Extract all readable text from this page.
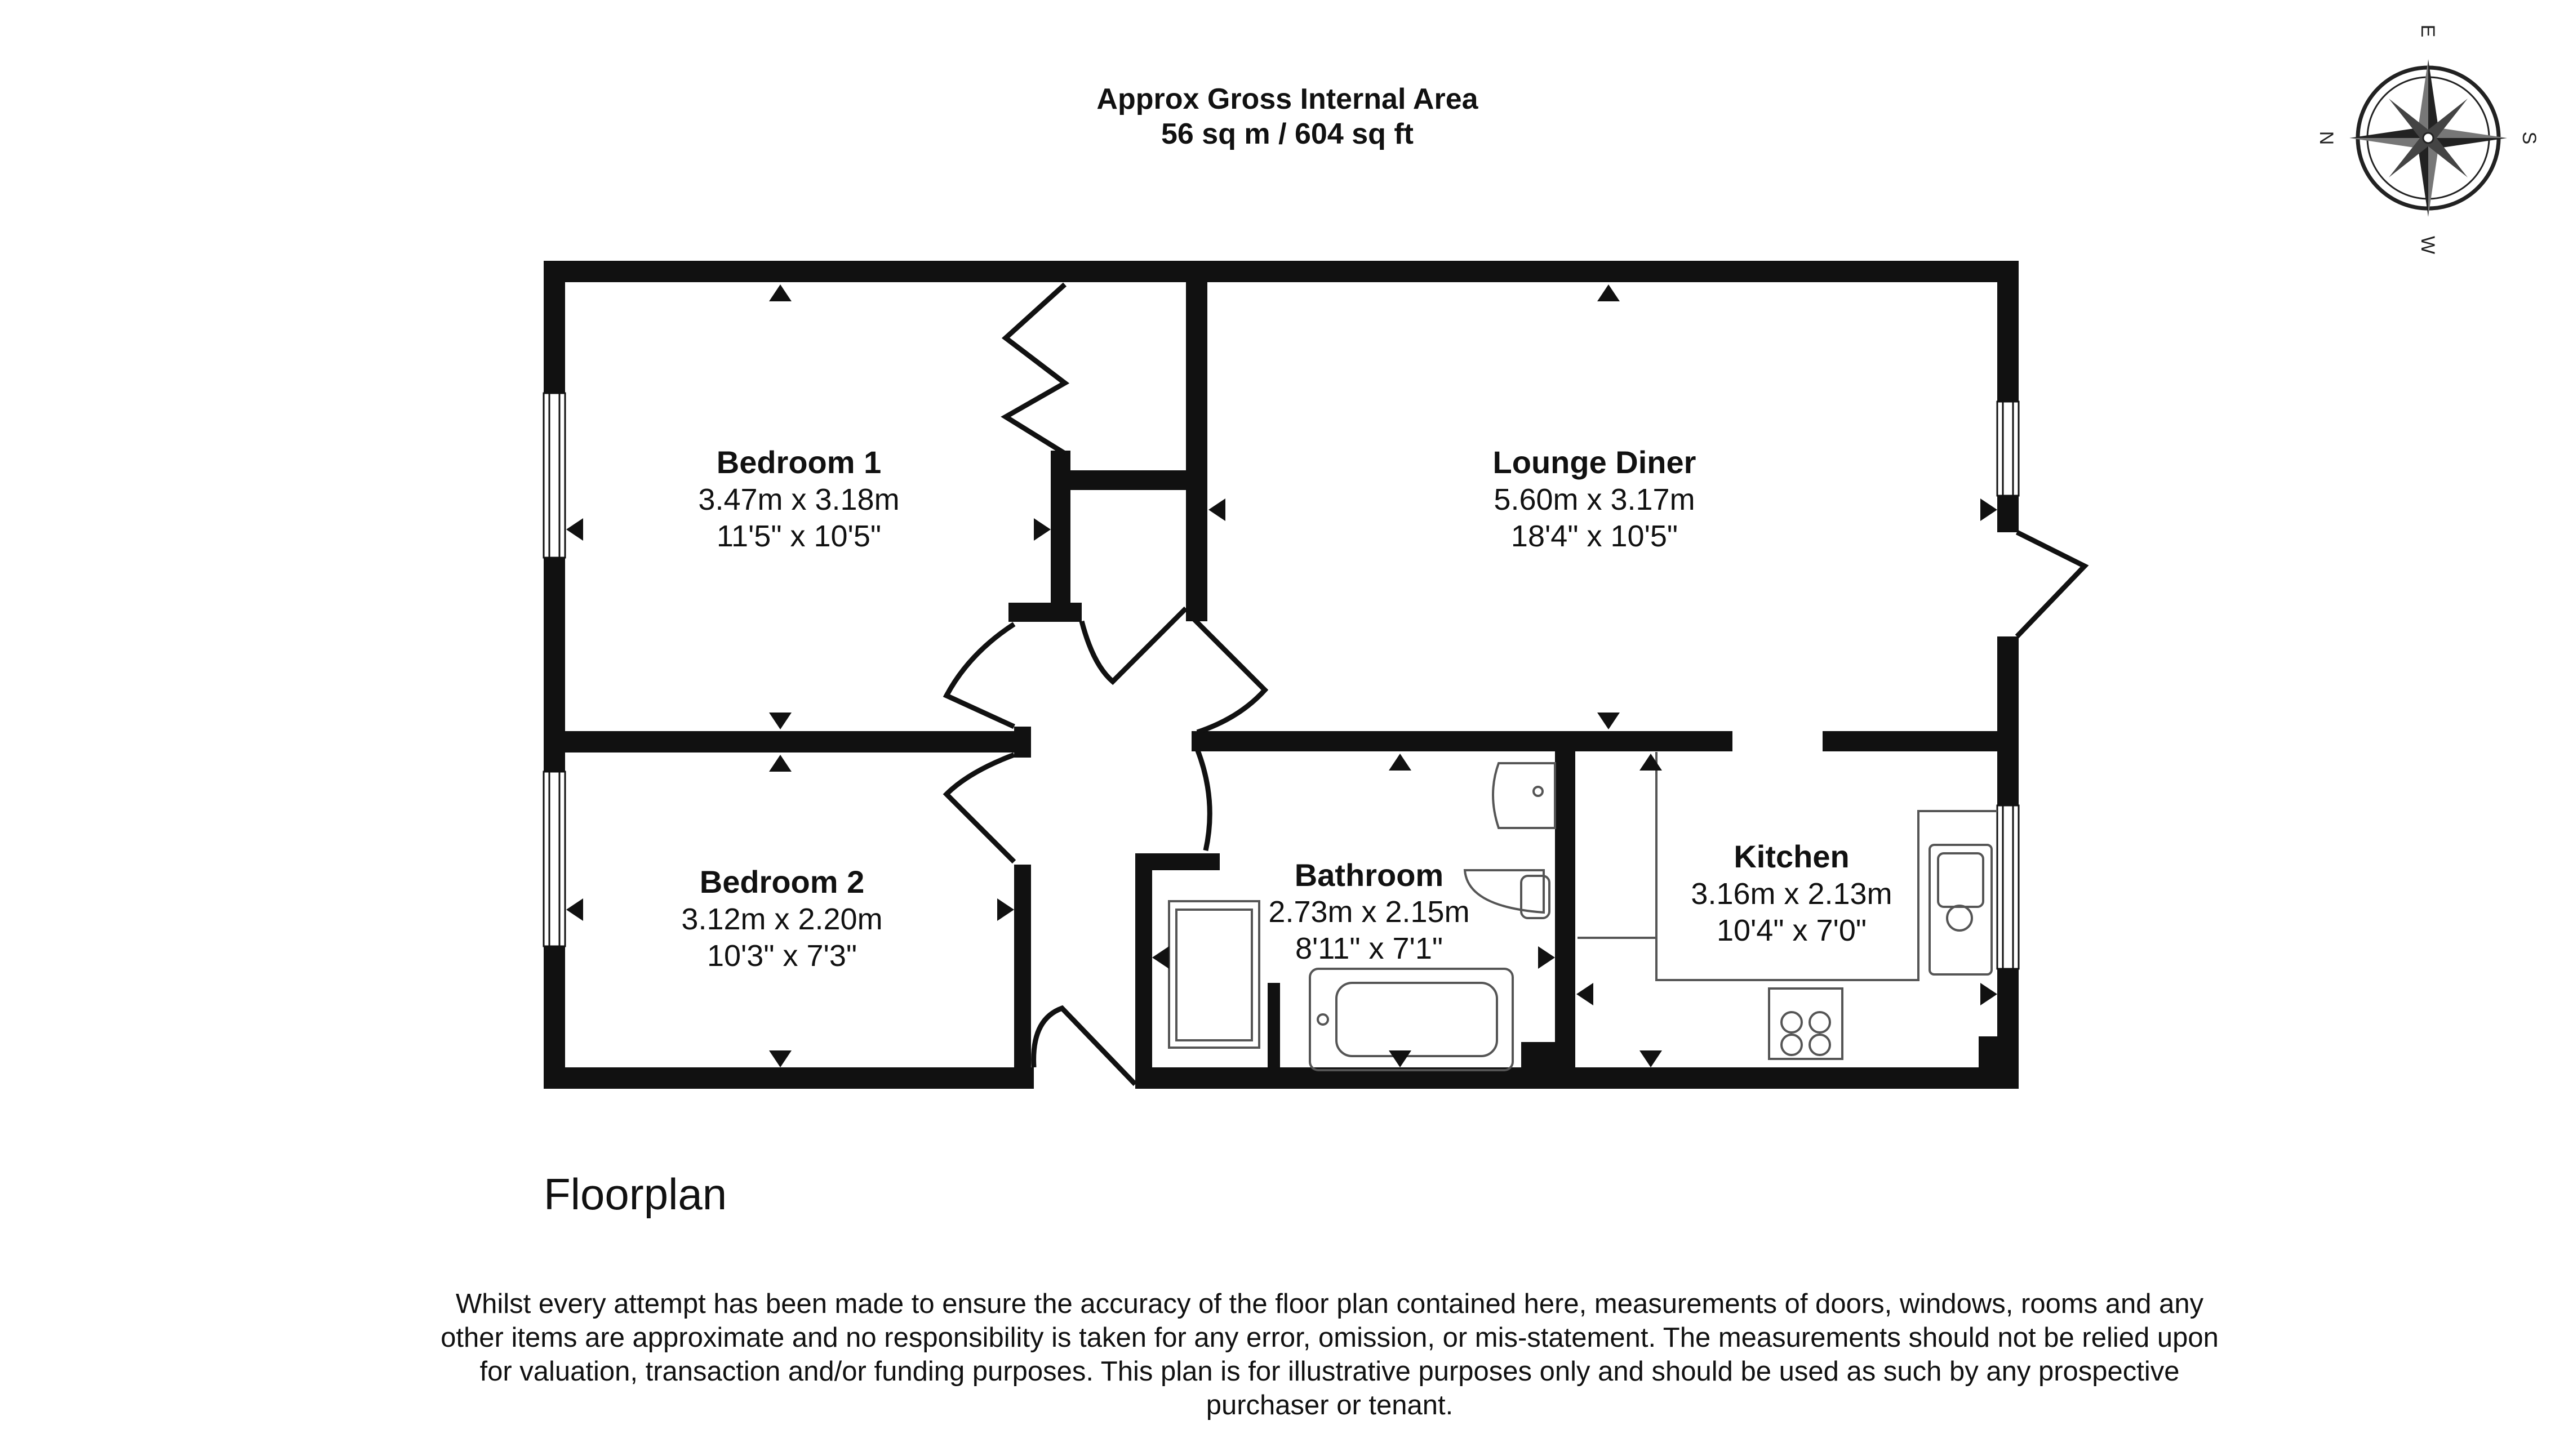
Approx Gross Internal Area
56 sq m / 604 sq ft
Bedroom 1
3.47m x 3.18m
11'5" x 10'5"
Lounge Diner
5.60m x 3.17m
18'4" x 10'5"
Bedroom 2
3.12m x 2.20m
10'3" x 7'3"
Bathroom
2.73m x 2.15m
8'11" x 7'1"
Kitchen
3.16m x 2.13m
10'4" x 7'0"
N
E
S
W
Floorplan
Whilst every attempt has been made to ensure the accuracy of the floor plan contained here, measurements of doors, windows, rooms and any other items are approximate and no responsibility is taken for any error, omission, or mis-statement. The measurements should not be relied upon for valuation, transaction and/or funding purposes. This plan is for illustrative purposes only and should be used as such by any prospective purchaser or tenant.
